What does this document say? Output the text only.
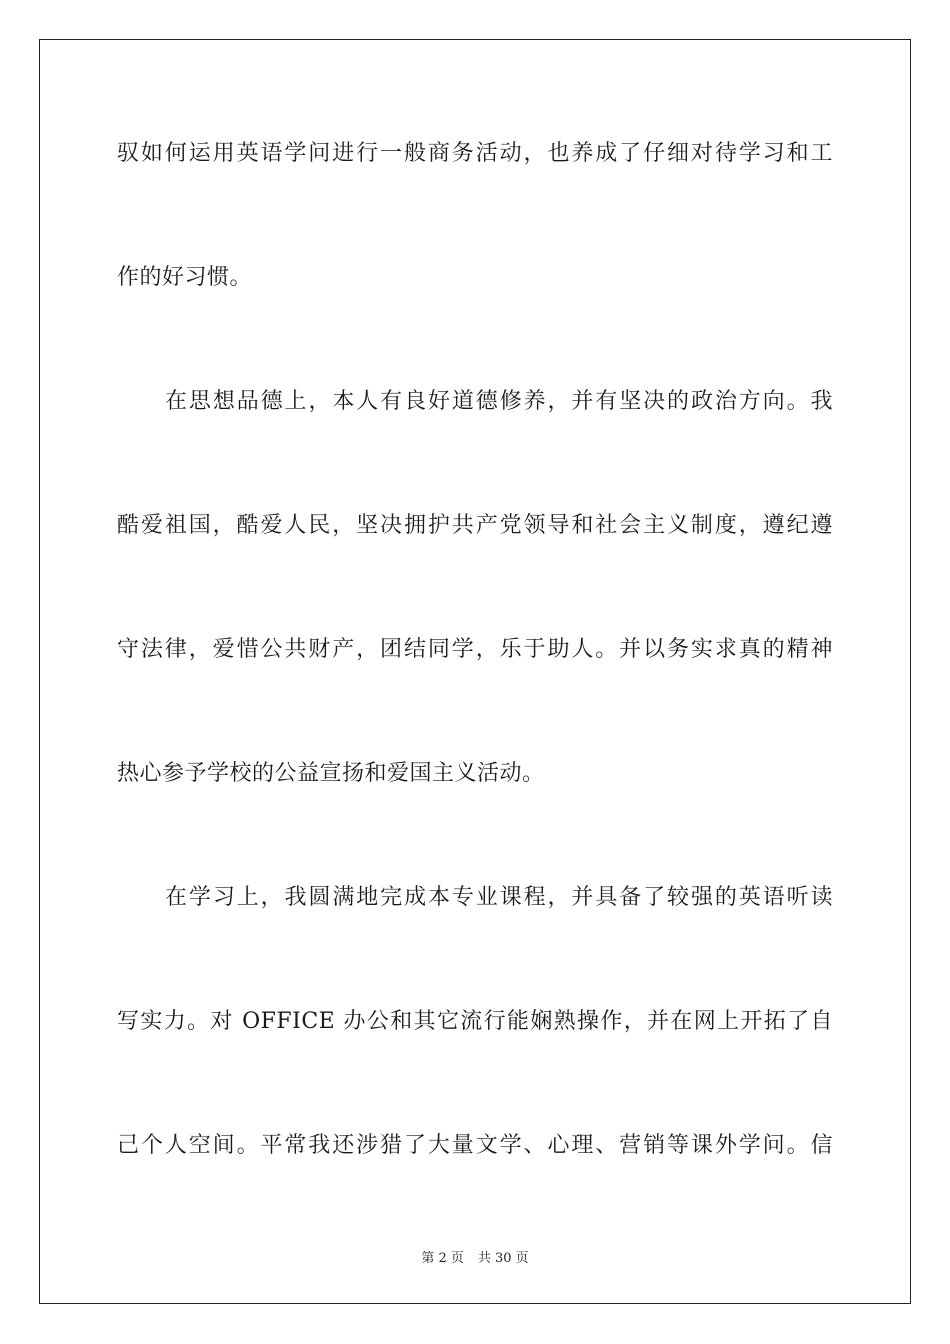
驭如何运用英语学问进行一般商务活动，也养成了仔细对待学习和工
作的好习惯。
在思想品德上，本人有良好道德修养，并有坚决的政治方向。我
酷爱祖国，酷爱人民，坚决拥护共产党领导和社会主义制度，遵纪遵
守法律，爱惜公共财产，团结同学，乐于助人。并以务实求真的精神
热心参予学校的公益宣扬和爱国主义活动。
在学习上，我圆满地完成本专业课程，并具备了较强的英语听读
写实力。对 OFFICE 办公和其它流行能娴熟操作，并在网上开拓了自
己个人空间。平常我还涉猎了大量文学、心理、营销等课外学问。信
第 2 页 共 30 页
